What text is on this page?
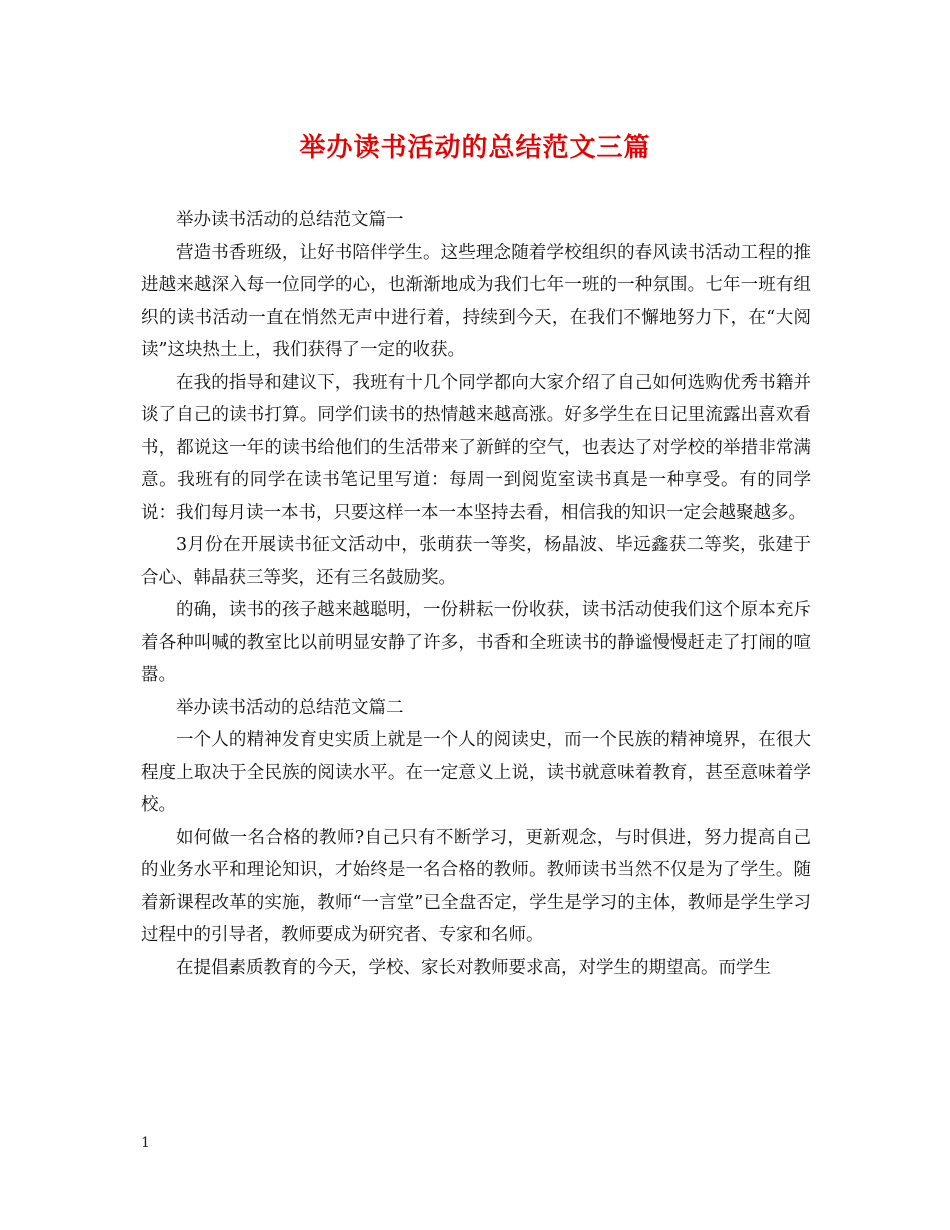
举办读书活动的总结范文三篇

举办读书活动的总结范文篇一

营造书香班级，让好书陪伴学生。这些理念随着学校组织的春风读书活动工程的推进越来越深入每一位同学的心，也渐渐地成为我们七年一班的一种氛围。七年一班有组织的读书活动一直在悄然无声中进行着，持续到今天，在我们不懈地努力下，在“大阅读”这块热土上，我们获得了一定的收获。

在我的指导和建议下，我班有十几个同学都向大家介绍了自己如何选购优秀书籍并谈了自己的读书打算。同学们读书的热情越来越高涨。好多学生在日记里流露出喜欢看书，都说这一年的读书给他们的生活带来了新鲜的空气，也表达了对学校的举措非常满意。我班有的同学在读书笔记里写道：每周一到阅览室读书真是一种享受。有的同学说：我们每月读一本书，只要这样一本一本坚持去看，相信我的知识一定会越聚越多。

3月份在开展读书征文活动中，张萌获一等奖，杨晶波、毕远鑫获二等奖，张建于合心、韩晶获三等奖，还有三名鼓励奖。

的确，读书的孩子越来越聪明，一份耕耘一份收获，读书活动使我们这个原本充斥着各种叫喊的教室比以前明显安静了许多，书香和全班读书的静谧慢慢赶走了打闹的喧嚣。

举办读书活动的总结范文篇二

一个人的精神发育史实质上就是一个人的阅读史，而一个民族的精神境界，在很大程度上取决于全民族的阅读水平。在一定意义上说，读书就意味着教育，甚至意味着学校。

如何做一名合格的教师?自己只有不断学习，更新观念，与时俱进，努力提高自己的业务水平和理论知识，才始终是一名合格的教师。教师读书当然不仅是为了学生。随着新课程改革的实施，教师“一言堂”已全盘否定，学生是学习的主体，教师是学生学习过程中的引导者，教师要成为研究者、专家和名师。

在提倡素质教育的今天，学校、家长对教师要求高，对学生的期望高。而学生

1
